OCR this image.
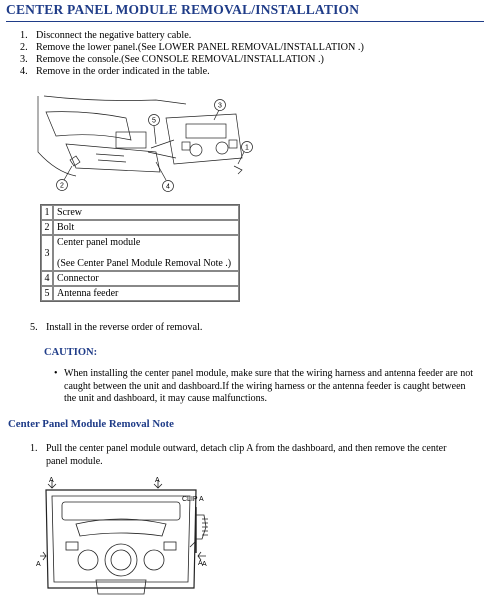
CENTER PANEL MODULE REMOVAL/INSTALLATION
1. Disconnect the negative battery cable.
2. Remove the lower panel.(See LOWER PANEL REMOVAL/INSTALLATION .)
3. Remove the console.(See CONSOLE REMOVAL/INSTALLATION .)
4. Remove in the order indicated in the table.
3
5
4
2
1
1	Screw
2	Bolt
3	Center panel module
(See Center Panel Module Removal Note .)

4	Connector
5	Antenna feeder
5. Install in the reverse order of removal.
CAUTION:
• When installing the center panel module, make sure that the wiring harness and antenna feeder are not caught between the unit and dashboard.If the wiring harness or the antenna feeder is caught between the unit and dashboard, it may cause malfunctions.
Center Panel Module Removal Note
1. Pull the center panel module outward, detach clip A from the dashboard, and then remove the center panel module.
A	A
A	A
CLIP A
A
